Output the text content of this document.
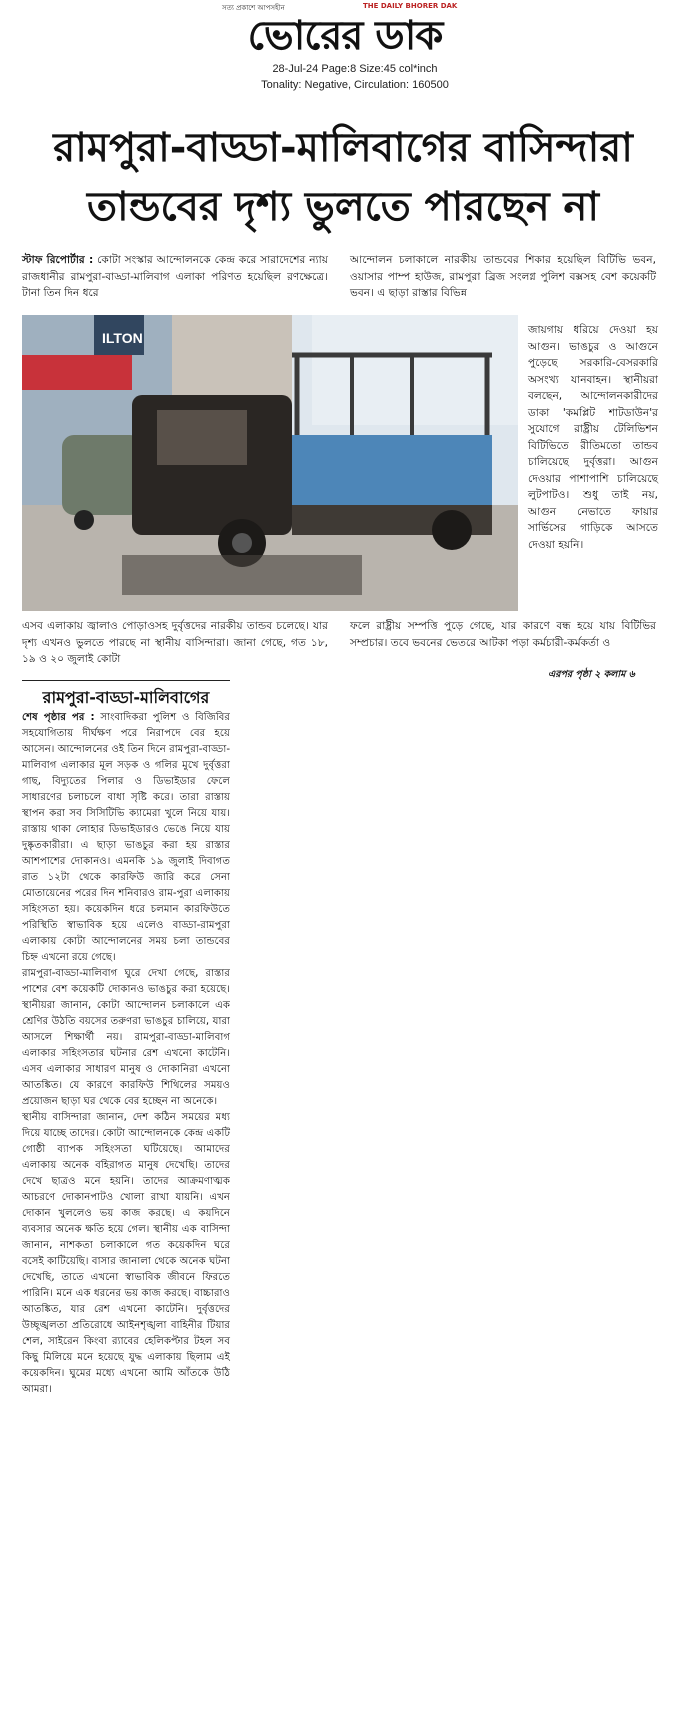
সত্য প্রকাশে আপসহীন	THE DAILY BHORER DAK
ভোরের ডাক
28-Jul-24 Page:8 Size:45 col*inch
Tonality: Negative, Circulation: 160500
রামপুরা-বাড্ডা-মালিবাগের বাসিন্দারা
তান্ডবের দৃশ্য ভুলতে পারছেন না
স্টাফ রিপোর্টার : কোটা সংস্কার আন্দোলনকে কেন্দ্র করে সারাদেশের ন্যায় রাজধানীর রামপুরা-বাড্ডা-মালিবাগ এলাকা পরিণত হয়েছিল রণক্ষেত্রে। টানা তিন দিন ধরে
আন্দোলন চলাকালে নারকীয় তান্ডবের শিকার হয়েছিল বিটিভি ভবন, ওয়াসার পাম্প হাউজ, রামপুরা ব্রিজ সংলগ্ন পুলিশ বক্সসহ বেশ কয়েকটি ভবন। এ ছাড়া রাস্তার বিভিন্ন
ILTON	জায়গায় ধরিয়ে দেওয়া হয় আগুন। ভাঙচুর ও আগুনে পুড়েছে সরকারি-বেসরকারি অসংখ্য যানবাহন। স্থানীয়রা বলছেন, আন্দোলনকারীদের ডাকা 'কমপ্লিট শাটডাউন'র সুযোগে রাষ্ট্রীয় টেলিভিশন বিটিভিতে রীতিমতো তান্ডব চালিয়েছে দুর্বৃত্তরা। আগুন দেওয়ার পাশাপাশি চালিয়েছে লুটপাটও। শুধু তাই নয়, আগুন নেভাতে ফায়ার সার্ভিসের গাড়িকে আসতে দেওয়া হয়নি।
এসব এলাকায় জ্বালাও পোড়াওসহ দুর্বৃত্তদের নারকীয় তান্ডব চলেছে। যার দৃশ্য এখনও ভুলতে পারছে না স্থানীয় বাসিন্দারা। জানা গেছে, গত ১৮, ১৯ ও ২০ জুলাই কোটা
ফলে রাষ্ট্রীয় সম্পত্তি পুড়ে গেছে, যার কারণে বন্ধ হয়ে যায় বিটিভির সম্প্রচার। তবে ভবনের ভেতরে আটকা পড়া কর্মচারী-কর্মকর্তা ও
এরপর পৃষ্ঠা ২ কলাম ৬
রামপুরা-বাড্ডা-মালিবাগের
শেষ পৃষ্ঠার পর : সাংবাদিকরা পুলিশ ও বিজিবির সহযোগিতায় দীর্ঘক্ষণ পরে নিরাপদে বের হয়ে আসেন। আন্দোলনের ওই তিন দিনে রামপুরা-বাড্ডা-মালিবাগ এলাকার মূল সড়ক ও গলির মুখে দুর্বৃত্তরা গাছ, বিদ্যুতের পিলার ও ডিভাইডার ফেলে সাধারণের চলাচলে বাধা সৃষ্টি করে। তারা রাস্তায় স্থাপন করা সব সিসিটিভি ক্যামেরা খুলে নিয়ে যায়। রাস্তায় থাকা লোহার ডিভাইডারও ভেঙে নিয়ে যায় দুষ্কৃতকারীরা। এ ছাড়া ভাঙচুর করা হয় রাস্তার আশপাশের দোকানও। এমনকি ১৯ জুলাই দিবাগত রাত ১২টা থেকে কারফিউ জারি করে সেনা মোতায়েনের পরের দিন শনিবারও রাম-পুরা এলাকায় সহিংসতা হয়। কয়েকদিন ধরে চলমান কারফিউতে পরিস্থিতি স্বাভাবিক হয়ে এলেও বাড্ডা-রামপুরা এলাকায় কোটা আন্দোলনের সময় চলা তান্ডবের চিহ্ন এখনো রয়ে গেছে।
রামপুরা-বাড্ডা-মালিবাগ ঘুরে দেখা গেছে, রাস্তার পাশের বেশ কয়েকটি দোকানও ভাঙচুর করা হয়েছে। স্থানীয়রা জানান, কোটা আন্দোলন চলাকালে এক শ্রেণির উঠতি বয়সের তরুণরা ভাঙচুর চালিয়ে, যারা আসলে শিক্ষার্থী নয়। রামপুরা-বাড্ডা-মালিবাগ এলাকার সহিংসতার ঘটনার রেশ এখনো কাটেনি। এসব এলাকার সাধারণ মানুষ ও দোকানিরা এখনো আতঙ্কিত। যে কারণে কারফিউ শিথিলের সময়ও প্রয়োজন ছাড়া ঘর থেকে বের হচ্ছেন না অনেকে।
স্থানীয় বাসিন্দারা জানান, দেশ কঠিন সময়ের মধ্য দিয়ে যাচ্ছে তাদের। কোটা আন্দোলনকে কেন্দ্র একটি গোষ্ঠী ব্যাপক সহিংসতা ঘটিয়েছে। আমাদের এলাকায় অনেক বহিরাগত মানুষ দেখেছি। তাদের দেখে ছাত্রও মনে হয়নি। তাদের আক্রমণাত্মক আচরণে দোকানপাটও খোলা রাখা যায়নি। এখন দোকান খুললেও ভয় কাজ করছে। এ কয়দিনে ব্যবসার অনেক ক্ষতি হয়ে গেল। স্থানীয় এক বাসিন্দা জানান, নাশকতা চলাকালে গত কয়েকদিন ঘরে বসেই কাটিয়েছি। বাসার জানালা থেকে অনেক ঘটনা দেখেছি, তাতে এখনো স্বাভাবিক জীবনে ফিরতে পারিনি। মনে এক ধরনের ভয় কাজ করছে। বাচ্চারাও আতঙ্কিত, যার রেশ এখনো কাটেনি। দুর্বৃত্তদের উচ্ছৃঙ্খলতা প্রতিরোধে আইনশৃঙ্খলা বাহিনীর টিয়ার শেল, সাইরেন কিংবা র‍্যাবের হেলিকপ্টার টহল সব কিছু মিলিয়ে মনে হয়েছে যুদ্ধ এলাকায় ছিলাম এই কয়েকদিন। ঘুমের মধ্যে এখনো আমি আঁতকে উঠি আমরা।
